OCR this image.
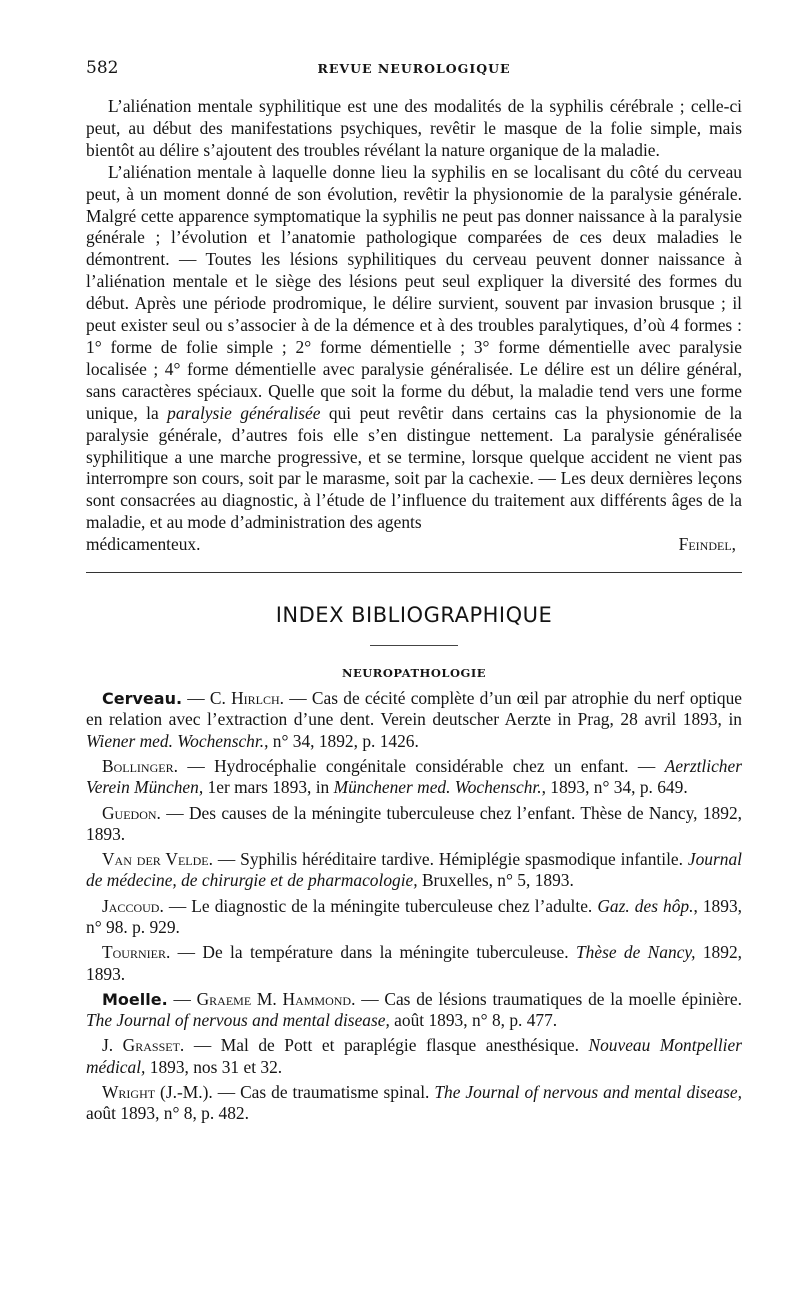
582	REVUE NEUROLOGIQUE

L’aliénation mentale syphilitique est une des modalités de la syphilis cérébrale ; celle-ci peut, au début des manifestations psychiques, revêtir le masque de la folie simple, mais bientôt au délire s’ajoutent des troubles révélant la nature organique de la maladie.

L’aliénation mentale à laquelle donne lieu la syphilis en se localisant du côté du cerveau peut, à un moment donné de son évolution, revêtir la physionomie de la paralysie générale. Malgré cette apparence symptomatique la syphilis ne peut pas donner naissance à la paralysie générale ; l’évolution et l’anatomie pathologique comparées de ces deux maladies le démontrent. — Toutes les lésions syphilitiques du cerveau peuvent donner naissance à l’aliénation mentale et le siège des lésions peut seul expliquer la diversité des formes du début. Après une période prodromique, le délire survient, souvent par invasion brusque ; il peut exister seul ou s’associer à de la démence et à des troubles paralytiques, d’où 4 formes : 1° forme de folie simple ; 2° forme démentielle ; 3° forme démentielle avec paralysie localisée ; 4° forme démentielle avec paralysie généralisée. Le délire est un délire général, sans caractères spéciaux. Quelle que soit la forme du début, la maladie tend vers une forme unique, la paralysie généralisée qui peut revêtir dans certains cas la physionomie de la paralysie générale, d’autres fois elle s’en distingue nettement. La paralysie généralisée syphilitique a une marche progressive, et se termine, lorsque quelque accident ne vient pas interrompre son cours, soit par le marasme, soit par la cachexie. — Les deux dernières leçons sont consacrées au diagnostic, à l’étude de l’influence du traitement aux différents âges de la maladie, et au mode d’administration des agents

médicamenteux.	Feindel,
INDEX BIBLIOGRAPHIQUE
NEUROPATHOLOGIE

Cerveau. — C. Hirlch. — Cas de cécité complète d’un œil par atrophie du nerf optique en relation avec l’extraction d’une dent. Verein deutscher Aerzte in Prag, 28 avril 1893, in Wiener med. Wochenschr., n° 34, 1892, p. 1426.

Bollinger. — Hydrocéphalie congénitale considérable chez un enfant. — Aerztlicher Verein München, 1er mars 1893, in Münchener med. Wochenschr., 1893, n° 34, p. 649.

Guedon. — Des causes de la méningite tuberculeuse chez l’enfant. Thèse de Nancy, 1892, 1893.

Van der Velde. — Syphilis héréditaire tardive. Hémiplégie spasmodique infantile. Journal de médecine, de chirurgie et de pharmacologie, Bruxelles, n° 5, 1893.

Jaccoud. — Le diagnostic de la méningite tuberculeuse chez l’adulte. Gaz. des hôp., 1893, n° 98. p. 929.

Tournier. — De la température dans la méningite tuberculeuse. Thèse de Nancy, 1892, 1893.

Moelle. — Graeme M. Hammond. — Cas de lésions traumatiques de la moelle épinière. The Journal of nervous and mental disease, août 1893, n° 8, p. 477.

J. Grasset. — Mal de Pott et paraplégie flasque anesthésique. Nouveau Montpellier médical, 1893, nos 31 et 32.

Wright (J.-M.). — Cas de traumatisme spinal. The Journal of nervous and mental disease, août 1893, n° 8, p. 482.
